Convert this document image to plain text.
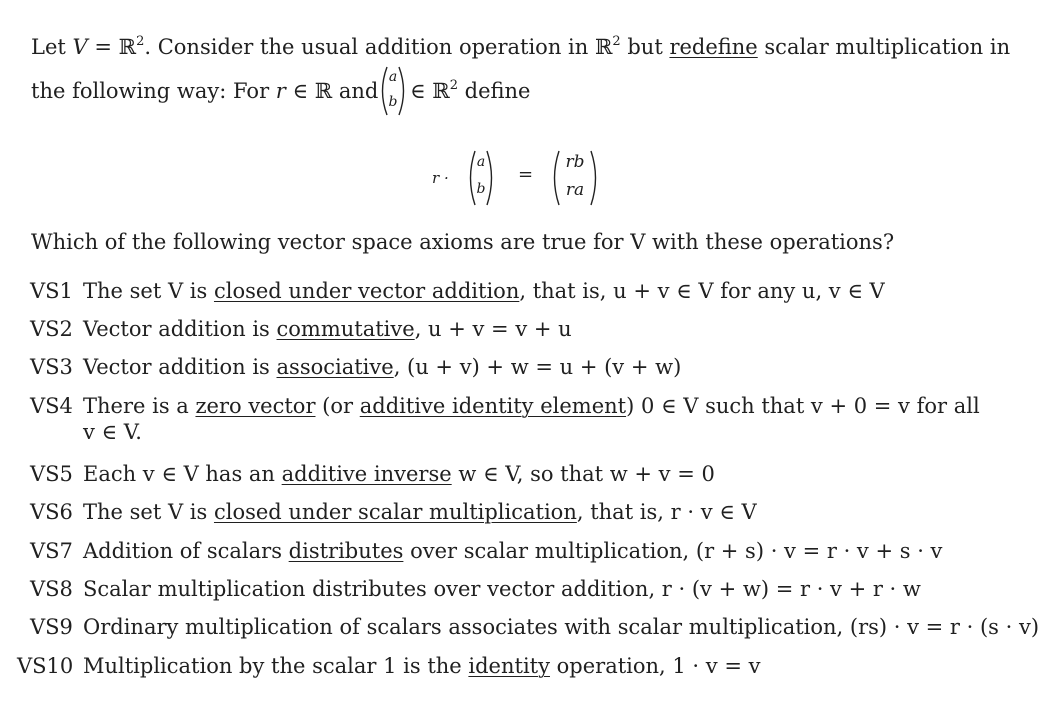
Let V = ℝ$^2$. Consider the usual addition operation in ℝ$^2$ but redefine scalar multiplication in
the following way: For r ∈ ℝ and
a
b ∈ ℝ$^2$ define
r ·
a
b
=
rb
ra
Which of the following vector space axioms are true for V with these operations?
VS1 The set V is closed under vector addition, that is, u + v ∈ V for any u, v ∈ V
VS2 Vector addition is commutative, u + v = v + u
VS3 Vector addition is associative, (u + v) + w = u + (v + w)
VS4 There is a zero vector (or additive identity element) 0 ∈ V such that v + 0 = v for all
v ∈ V.
VS5 Each v ∈ V has an additive inverse w ∈ V, so that w + v = 0
VS6 The set V is closed under scalar multiplication, that is, r · v ∈ V
VS7 Addition of scalars distributes over scalar multiplication, (r + s) · v = r · v + s · v
VS8 Scalar multiplication distributes over vector addition, r · (v + w) = r · v + r · w
VS9 Ordinary multiplication of scalars associates with scalar multiplication, (rs) · v = r · (s · v)
VS10 Multiplication by the scalar 1 is the identity operation, 1 · v = v
